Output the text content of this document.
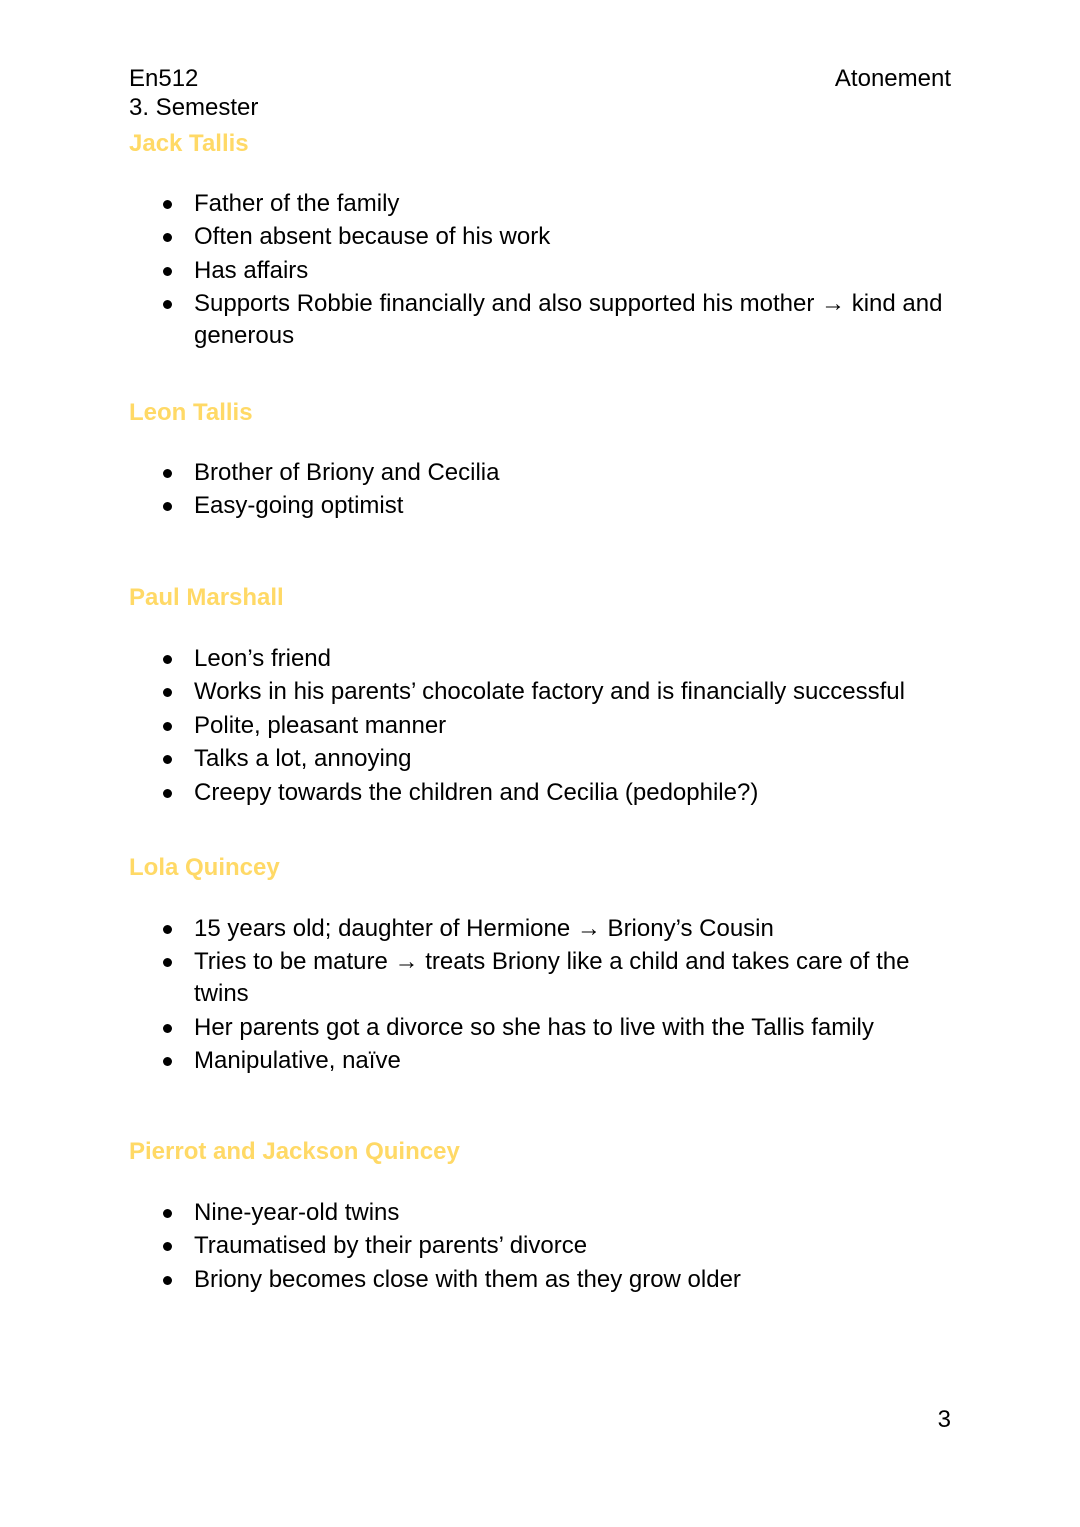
En512
3. Semester
Atonement
Jack Tallis
Father of the family
Often absent because of his work
Has affairs
Supports Robbie financially and also supported his mother → kind and generous
Leon Tallis
Brother of Briony and Cecilia
Easy-going optimist
Paul Marshall
Leon’s friend
Works in his parents’ chocolate factory and is financially successful
Polite, pleasant manner
Talks a lot, annoying
Creepy towards the children and Cecilia (pedophile?)
Lola Quincey
15 years old; daughter of Hermione → Briony’s Cousin
Tries to be mature → treats Briony like a child and takes care of the twins
Her parents got a divorce so she has to live with the Tallis family
Manipulative, naïve
Pierrot and Jackson Quincey
Nine-year-old twins
Traumatised by their parents’ divorce
Briony becomes close with them as they grow older
3
